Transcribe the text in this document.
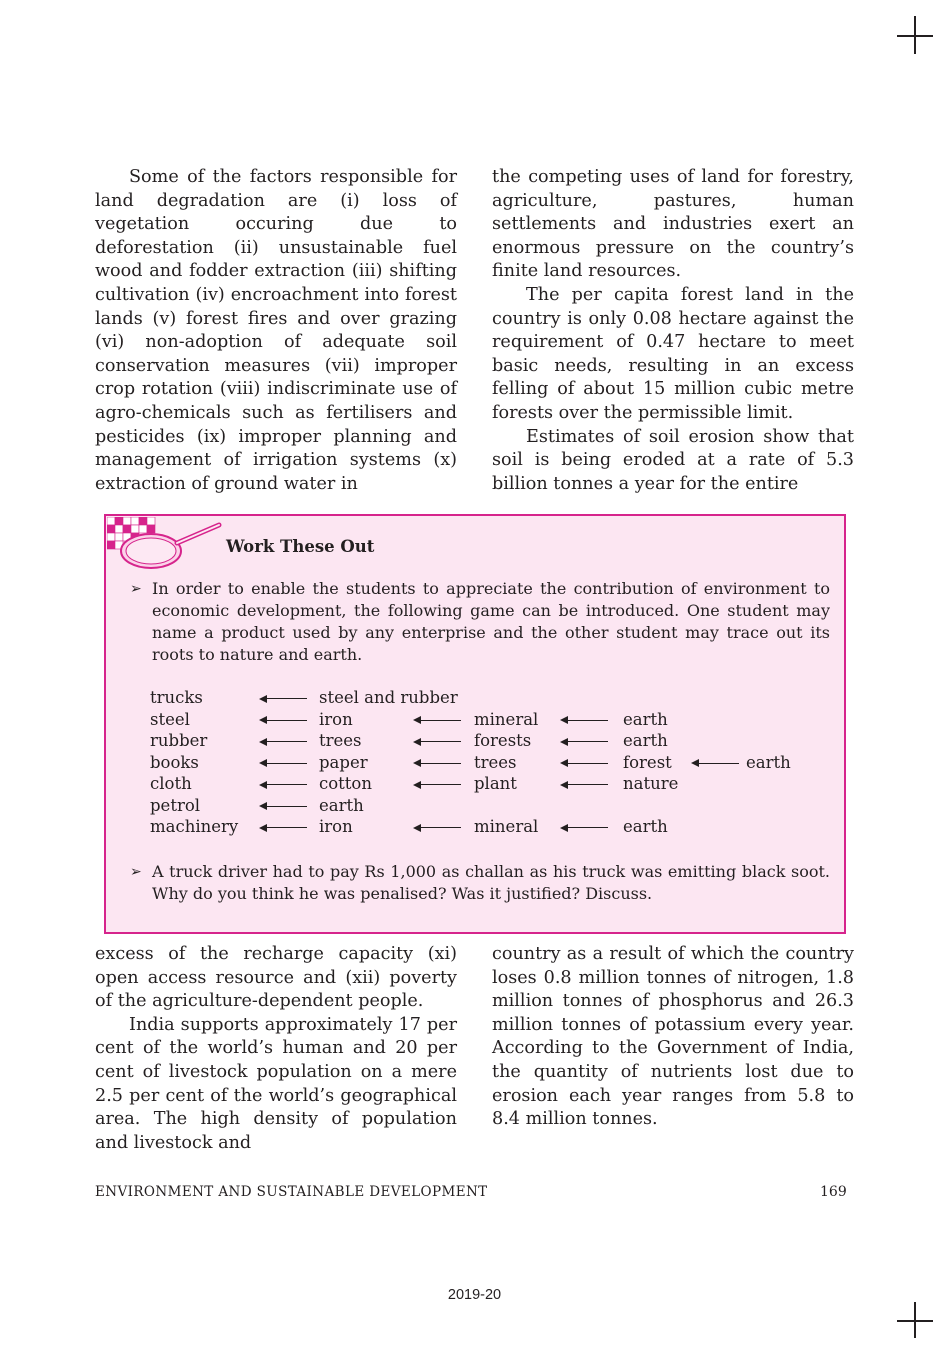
Some of the factors responsible for land degradation are (i) loss of vegetation occuring due to deforestation (ii) unsustainable fuel wood and fodder extraction (iii) shifting cultivation (iv) encroachment into forest lands (v) forest fires and over grazing (vi) non-adoption of adequate soil conservation measures (vii) improper crop rotation (viii) indiscriminate use of agro-chemicals such as fertilisers and pesticides (ix) improper planning and management of irrigation systems (x) extraction of ground water in

the competing uses of land for forestry, agriculture, pastures, human settlements and industries exert an enormous pressure on the country’s finite land resources.

The per capita forest land in the country is only 0.08 hectare against the requirement of 0.47 hectare to meet basic needs, resulting in an excess felling of about 15 million cubic metre forests over the permissible limit.

Estimates of soil erosion show that soil is being eroded at a rate of 5.3 billion tonnes a year for the entire

Work These Out
➢ In order to enable the students to appreciate the contribution of environment to economic development, the following game can be introduced. One student may name a product used by any enterprise and the other student may trace out its roots to nature and earth.
trucks	steel and rubber
steel	iron	mineral	earth
rubber	trees	forests	earth
books	paper	trees	forest	earth
cloth	cotton	plant	nature
petrol	earth
machinery	iron	mineral	earth
➢ A truck driver had to pay Rs 1,000 as challan as his truck was emitting black soot. Why do you think he was penalised? Was it justified? Discuss.

excess of the recharge capacity (xi) open access resource and (xii) poverty of the agriculture-dependent people.

India supports approximately 17 per cent of the world’s human and 20 per cent of livestock population on a mere 2.5 per cent of the world’s geographical area. The high density of population and livestock and

country as a result of which the country loses 0.8 million tonnes of nitrogen, 1.8 million tonnes of phosphorus and 26.3 million tonnes of potassium every year. According to the Government of India, the quantity of nutrients lost due to erosion each year ranges from 5.8 to 8.4 million tonnes.

ENVIRONMENT AND SUSTAINABLE DEVELOPMENT	169
2019-20
